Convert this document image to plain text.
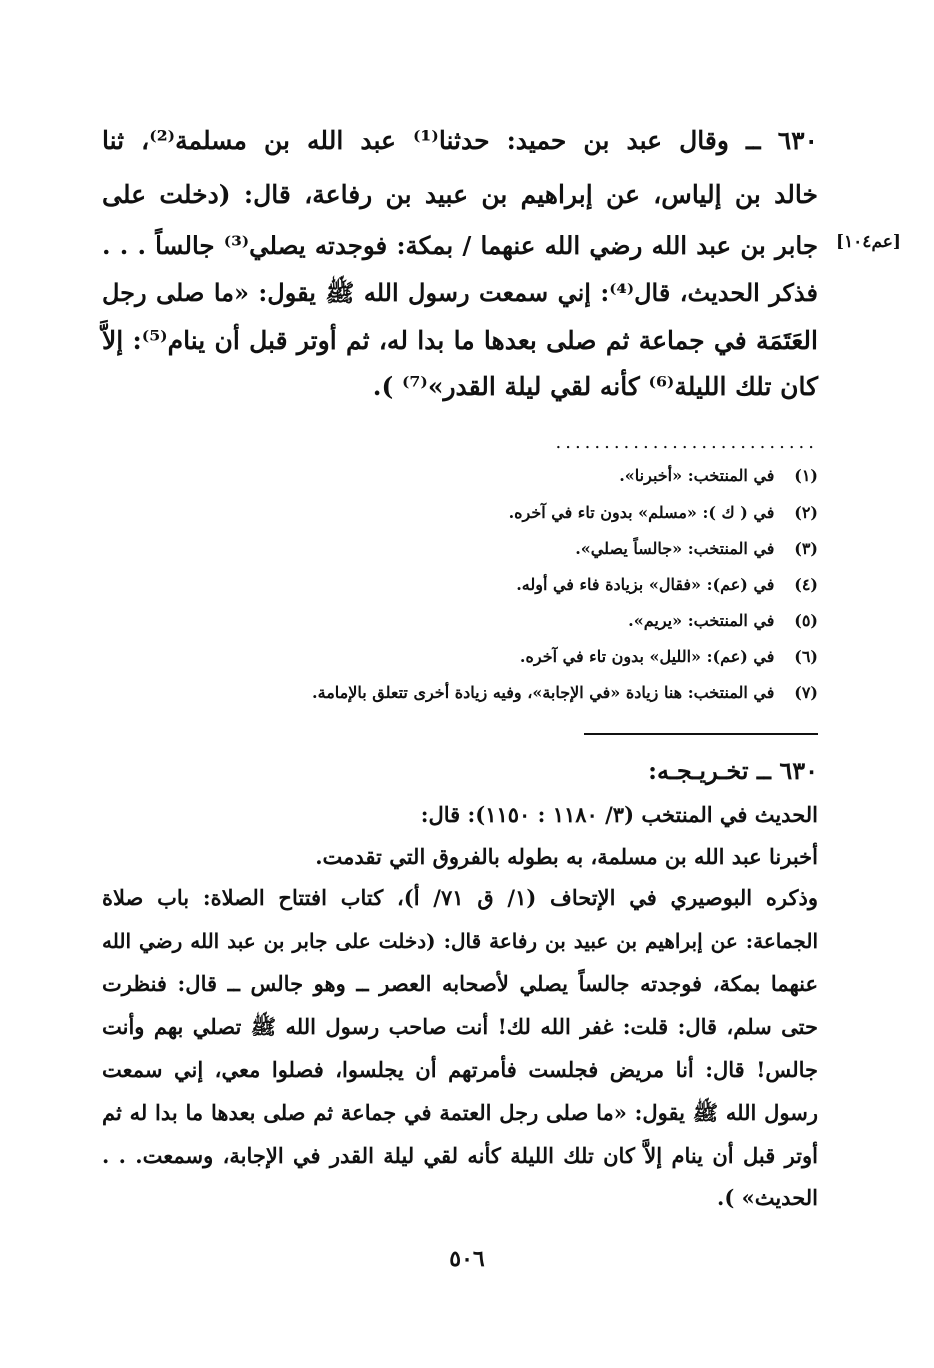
٦٣٠ ــ وقال عبد بن حميد: حدثنا⁽¹⁾ عبد الله بن مسلمة⁽²⁾، ثنا
خالد بن إلياس، عن إبراهيم بن عبيد بن رفاعة، قال: (دخلت على
جابر بن عبد الله رضي الله عنهما / بمكة: فوجدته يصلي⁽³⁾ جالساً . . .
فذكر الحديث، قال⁽⁴⁾: إني سمعت رسول الله ﷺ يقول: «ما صلى رجل
العَتَمَة في جماعة ثم صلى بعدها ما بدا له، ثم أوتر قبل أن ينام⁽⁵⁾: إلاَّ
كان تلك الليلة⁽⁶⁾ كأنه لقي ليلة القدر»⁽⁷⁾ ).
[عم١٠٤]
...........................
(١) في المنتخب: «أخبرنا».
(٢) في ( ك ): «مسلم» بدون تاء في آخره.
(٣) في المنتخب: «جالساً يصلي».
(٤) في (عم): «فقال» بزيادة فاء في أوله.
(٥) في المنتخب: «يريم».
(٦) في (عم): «الليل» بدون تاء في آخره.
(٧) في المنتخب: هنا زيادة «في الإجابة»، وفيه زيادة أخرى تتعلق بالإمامة.
٦٣٠ ــ تخـريـجـه:
الحديث في المنتخب (٣/ ١١٨٠ : ١١٥٠): قال:
أخبرنا عبد الله بن مسلمة، به بطوله بالفروق التي تقدمت.
وذكره البوصيري في الإتحاف (١/ ق ٧١/ أ)، كتاب افتتاح الصلاة: باب صلاة
الجماعة: عن إبراهيم بن عبيد بن رفاعة قال: (دخلت على جابر بن عبد الله رضي الله
عنهما بمكة، فوجدته جالساً يصلي لأصحابه العصر ــ وهو جالس ــ قال: فنظرت
حتى سلم، قال: قلت: غفر الله لك! أنت صاحب رسول الله ﷺ تصلي بهم وأنت
جالس! قال: أنا مريض فجلست فأمرتهم أن يجلسوا، فصلوا معي، إني سمعت
رسول الله ﷺ يقول: «ما صلى رجل العتمة في جماعة ثم صلى بعدها ما بدا له ثم
أوتر قبل أن ينام إلاَّ كان تلك الليلة كأنه لقي ليلة القدر في الإجابة، وسمعت. . .
الحديث» ).
٥٠٦
